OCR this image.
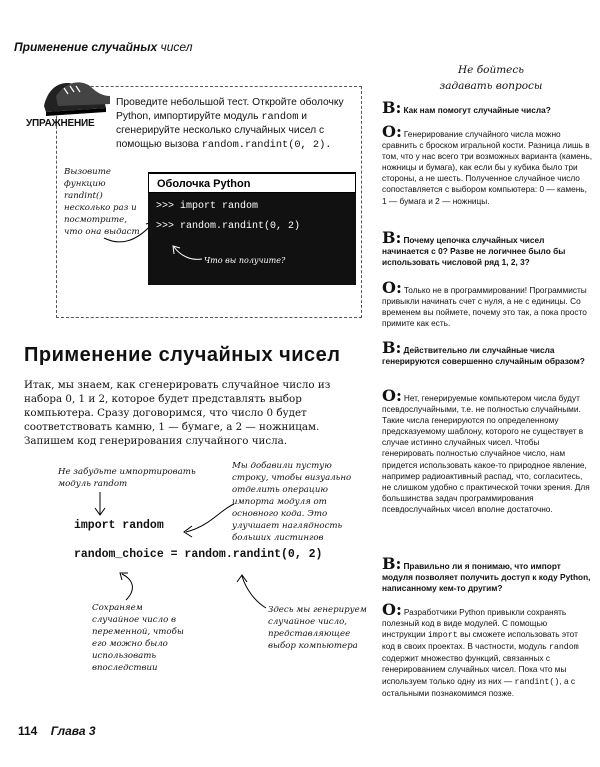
Применение случайных чисел
УПРАЖНЕНИЕ
Проведите небольшой тест. Откройте оболочку Python, импортируйте модуль random и сгенерируйте несколько случайных чисел с помощью вызова random.randint(0, 2).
Вызовите функцию randint() несколько раз и посмотрите, что она выдаст
Оболочка Python
>>> import random
>>> random.randint(0, 2)
Что вы получите?
Применение случайных чисел
Итак, мы знаем, как сгенерировать случайное число из набора 0, 1 и 2, которое будет представлять выбор компьютера. Сразу договоримся, что число 0 будет соответствовать камню, 1 — бумаге, а 2 — ножницам. Запишем код генерирования случайного числа.
Не забудьте импортировать модуль random
Мы добавили пустую строку, чтобы визуально отделить операцию импорта модуля от основного кода. Это улучшает наглядность больших листингов
import random
random_choice = random.randint(0, 2)
Сохраняем случайное число в переменной, чтобы его можно было использовать впоследствии
Здесь мы генерируем случайное число, представляющее выбор компьютера
114 Глава 3
Не бойтесь
задавать вопросы
В: Как нам помогут случайные числа?
О: Генерирование случайного числа можно сравнить с броском игральной кости. Разница лишь в том, что у нас всего три возможных варианта (камень, ножницы и бумага), как если бы у кубика было три стороны, а не шесть. Полученное случайное число сопоставляется с выбором компьютера: 0 — камень, 1 — бумага и 2 — ножницы.
В: Почему цепочка случайных чисел начинается с 0? Разве не логичнее было бы использовать числовой ряд 1, 2, 3?
О: Только не в программировании! Программисты привыкли начинать счет с нуля, а не с единицы. Со временем вы поймете, почему это так, а пока просто примите как есть.
В: Действительно ли случайные числа генерируются совершенно случайным образом?
О: Нет, генерируемые компьютером числа будут псевдослучайными, т.е. не полностью случайными. Такие числа генерируются по определенному предсказуемому шаблону, которого не существует в случае истинно случайных чисел. Чтобы генерировать полностью случайное число, нам придется использовать какое-то природное явление, например радиоактивный распад, что, согласитесь, не слишком удобно с практической точки зрения. Для большинства задач программирования псевдослучайных чисел вполне достаточно.
В: Правильно ли я понимаю, что импорт модуля позволяет получить доступ к коду Python, написанному кем-то другим?
О: Разработчики Python привыкли сохранять полезный код в виде модулей. С помощью инструкции import вы сможете использовать этот код в своих проектах. В частности, модуль random содержит множество функций, связанных с генерированием случайных чисел. Пока что мы используем только одну из них — randint(), а с остальными познакомимся позже.
